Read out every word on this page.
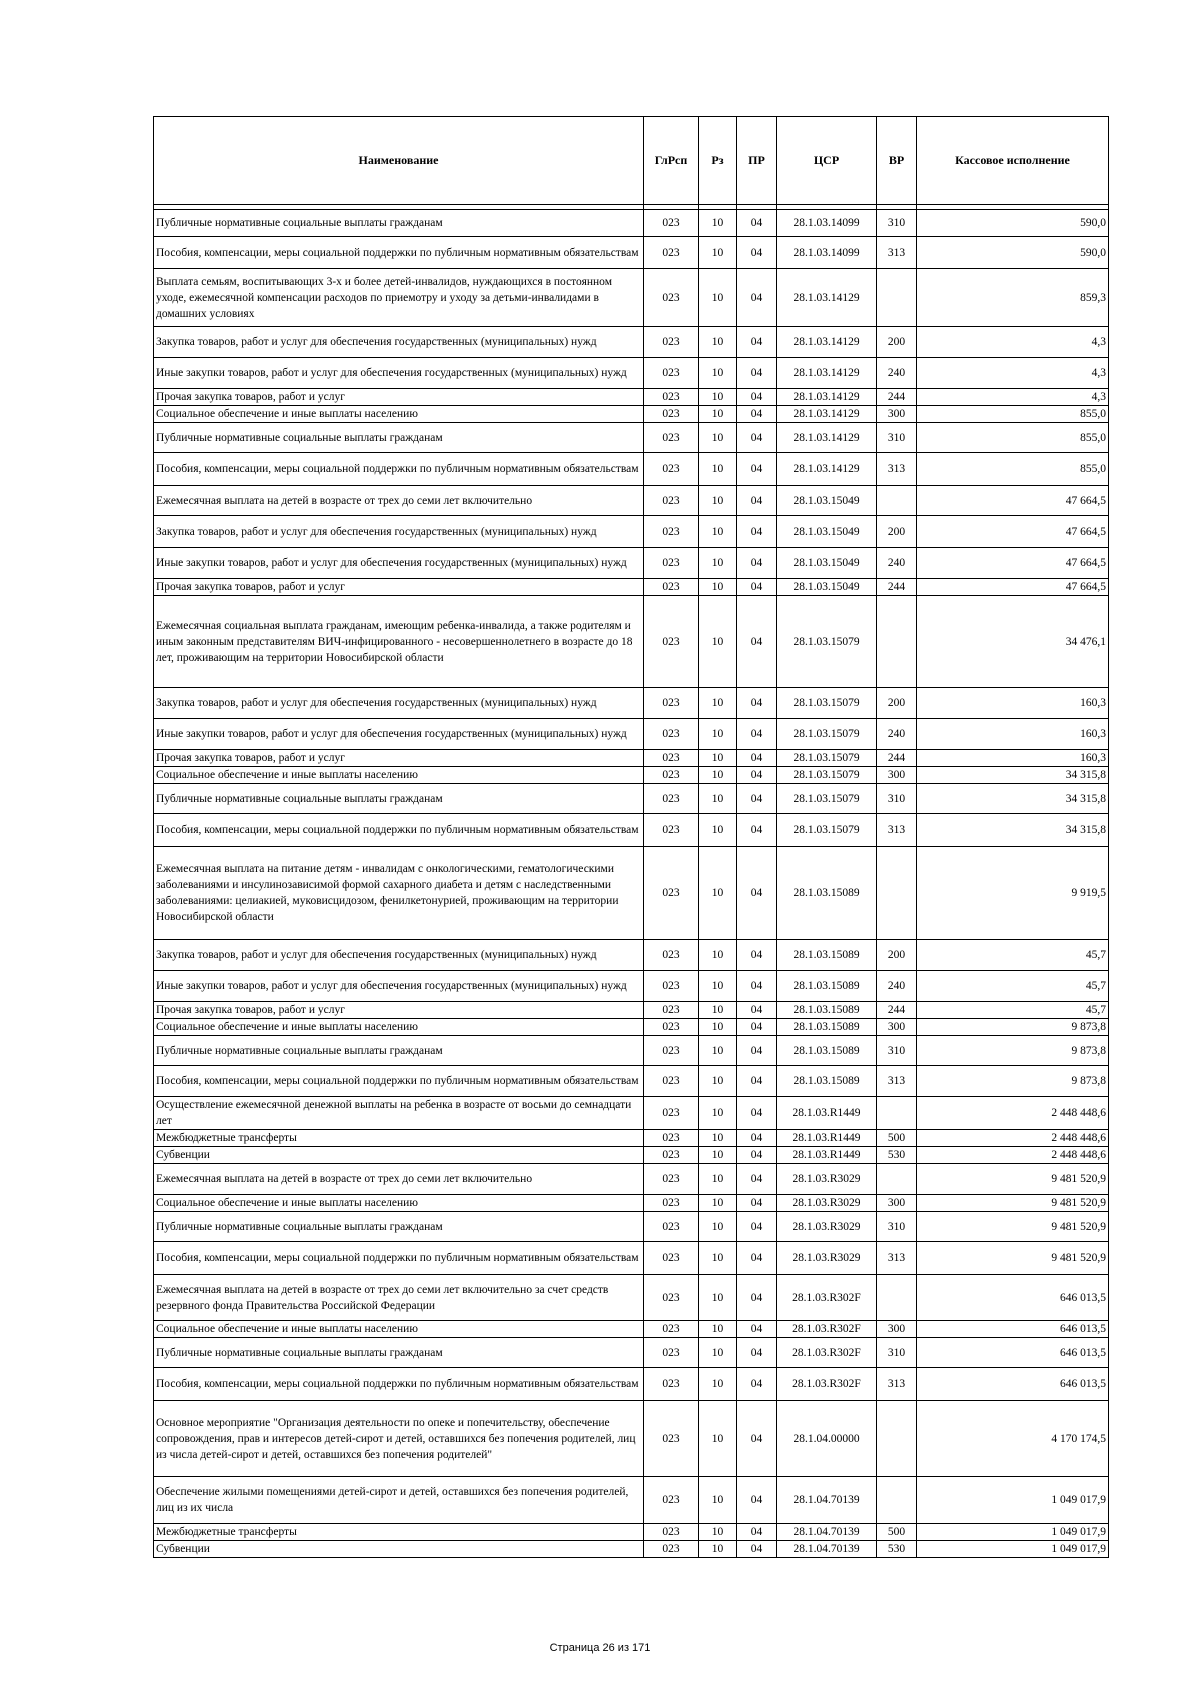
Наименование	ГлРсп	Рз	ПР	ЦСР	ВР	Кассовое исполнение

Публичные нормативные социальные выплаты гражданам	023	10	04	28.1.03.14099	310	590,0
Пособия, компенсации, меры социальной поддержки по публичным нормативным обязательствам	023	10	04	28.1.03.14099	313	590,0
Выплата семьям, воспитывающих 3-х и более детей-инвалидов, нуждающихся в постоянном уходе, ежемесячной компенсации расходов по приемотру и уходу за детьми-инвалидами в домашних условиях	023	10	04	28.1.03.14129		859,3
Закупка товаров, работ и услуг для обеспечения государственных (муниципальных) нужд	023	10	04	28.1.03.14129	200	4,3
Иные закупки товаров, работ и услуг для обеспечения государственных (муниципальных) нужд	023	10	04	28.1.03.14129	240	4,3
Прочая закупка товаров, работ и услуг	023	10	04	28.1.03.14129	244	4,3
Социальное обеспечение и иные выплаты населению	023	10	04	28.1.03.14129	300	855,0
Публичные нормативные социальные выплаты гражданам	023	10	04	28.1.03.14129	310	855,0
Пособия, компенсации, меры социальной поддержки по публичным нормативным обязательствам	023	10	04	28.1.03.14129	313	855,0
Ежемесячная выплата на детей в возрасте от трех до семи лет включительно	023	10	04	28.1.03.15049		47 664,5
Закупка товаров, работ и услуг для обеспечения государственных (муниципальных) нужд	023	10	04	28.1.03.15049	200	47 664,5
Иные закупки товаров, работ и услуг для обеспечения государственных (муниципальных) нужд	023	10	04	28.1.03.15049	240	47 664,5
Прочая закупка товаров, работ и услуг	023	10	04	28.1.03.15049	244	47 664,5
Ежемесячная социальная выплата гражданам, имеющим ребенка-инвалида, а также родителям и иным законным представителям ВИЧ-инфицированного - несовершеннолетнего в возрасте до 18 лет, проживающим на территории Новосибирской области	023	10	04	28.1.03.15079		34 476,1
Закупка товаров, работ и услуг для обеспечения государственных (муниципальных) нужд	023	10	04	28.1.03.15079	200	160,3
Иные закупки товаров, работ и услуг для обеспечения государственных (муниципальных) нужд	023	10	04	28.1.03.15079	240	160,3
Прочая закупка товаров, работ и услуг	023	10	04	28.1.03.15079	244	160,3
Социальное обеспечение и иные выплаты населению	023	10	04	28.1.03.15079	300	34 315,8
Публичные нормативные социальные выплаты гражданам	023	10	04	28.1.03.15079	310	34 315,8
Пособия, компенсации, меры социальной поддержки по публичным нормативным обязательствам	023	10	04	28.1.03.15079	313	34 315,8
Ежемесячная выплата на питание детям - инвалидам с онкологическими, гематологическими заболеваниями и инсулинозависимой формой сахарного диабета и детям с наследственными заболеваниями: целиакией, муковисцидозом, фенилкетонурией, проживающим на территории Новосибирской области	023	10	04	28.1.03.15089		9 919,5
Закупка товаров, работ и услуг для обеспечения государственных (муниципальных) нужд	023	10	04	28.1.03.15089	200	45,7
Иные закупки товаров, работ и услуг для обеспечения государственных (муниципальных) нужд	023	10	04	28.1.03.15089	240	45,7
Прочая закупка товаров, работ и услуг	023	10	04	28.1.03.15089	244	45,7
Социальное обеспечение и иные выплаты населению	023	10	04	28.1.03.15089	300	9 873,8
Публичные нормативные социальные выплаты гражданам	023	10	04	28.1.03.15089	310	9 873,8
Пособия, компенсации, меры социальной поддержки по публичным нормативным обязательствам	023	10	04	28.1.03.15089	313	9 873,8
Осуществление ежемесячной денежной выплаты на ребенка в возрасте от восьми до семнадцати лет	023	10	04	28.1.03.R1449		2 448 448,6
Межбюджетные трансферты	023	10	04	28.1.03.R1449	500	2 448 448,6
Субвенции	023	10	04	28.1.03.R1449	530	2 448 448,6
Ежемесячная выплата на детей в возрасте от трех до семи лет включительно	023	10	04	28.1.03.R3029		9 481 520,9
Социальное обеспечение и иные выплаты населению	023	10	04	28.1.03.R3029	300	9 481 520,9
Публичные нормативные социальные выплаты гражданам	023	10	04	28.1.03.R3029	310	9 481 520,9
Пособия, компенсации, меры социальной поддержки по публичным нормативным обязательствам	023	10	04	28.1.03.R3029	313	9 481 520,9
Ежемесячная выплата на детей в возрасте от трех до семи лет включительно за счет средств резервного фонда Правительства Российской Федерации	023	10	04	28.1.03.R302F		646 013,5
Социальное обеспечение и иные выплаты населению	023	10	04	28.1.03.R302F	300	646 013,5
Публичные нормативные социальные выплаты гражданам	023	10	04	28.1.03.R302F	310	646 013,5
Пособия, компенсации, меры социальной поддержки по публичным нормативным обязательствам	023	10	04	28.1.03.R302F	313	646 013,5
Основное мероприятие "Организация деятельности по опеке и попечительству, обеспечение сопровождения, прав и интересов детей-сирот и детей, оставшихся без попечения родителей, лиц из числа детей-сирот и детей, оставшихся без попечения родителей"	023	10	04	28.1.04.00000		4 170 174,5
Обеспечение жилыми помещениями детей-сирот и детей, оставшихся без попечения родителей, лиц из их числа	023	10	04	28.1.04.70139		1 049 017,9
Межбюджетные трансферты	023	10	04	28.1.04.70139	500	1 049 017,9
Субвенции	023	10	04	28.1.04.70139	530	1 049 017,9
Страница 26 из 171
